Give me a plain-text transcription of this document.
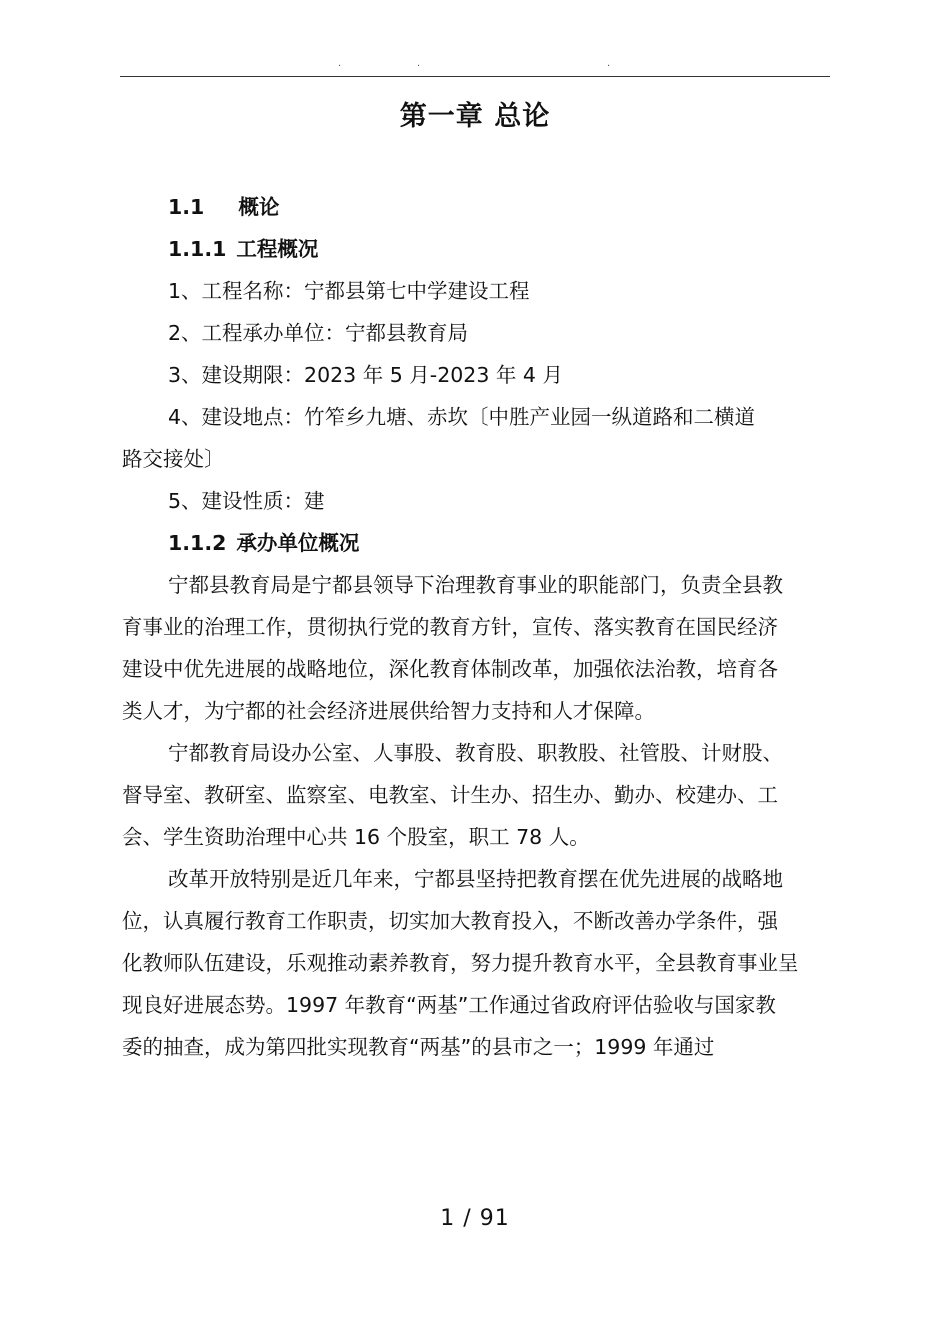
.	.	.
第一章 总论
1.1 概论
1.1.1 工程概况
1、工程名称：宁都县第七中学建设工程
2、工程承办单位：宁都县教育局
3、建设期限：2023 年 5 月-2023 年 4 月
4、建设地点：竹笮乡九塘、赤坎〔中胜产业园一纵道路和二横道
路交接处〕
5、建设性质：建
1.1.2 承办单位概况
宁都县教育局是宁都县领导下治理教育事业的职能部门，负责全县教
育事业的治理工作，贯彻执行党的教育方针，宣传、落实教育在国民经济
建设中优先进展的战略地位，深化教育体制改革，加强依法治教，培育各
类人才，为宁都的社会经济进展供给智力支持和人才保障。
宁都教育局设办公室、人事股、教育股、职教股、社管股、计财股、
督导室、教研室、监察室、电教室、计生办、招生办、勤办、校建办、工
会、学生资助治理中心共 16 个股室，职工 78 人。
改革开放特别是近几年来，宁都县坚持把教育摆在优先进展的战略地
位，认真履行教育工作职责，切实加大教育投入，不断改善办学条件，强
化教师队伍建设，乐观推动素养教育，努力提升教育水平，全县教育事业呈
现良好进展态势。1997 年教育“两基”工作通过省政府评估验收与国家教
委的抽查，成为第四批实现教育“两基”的县市之一；1999 年通过
1 / 91
